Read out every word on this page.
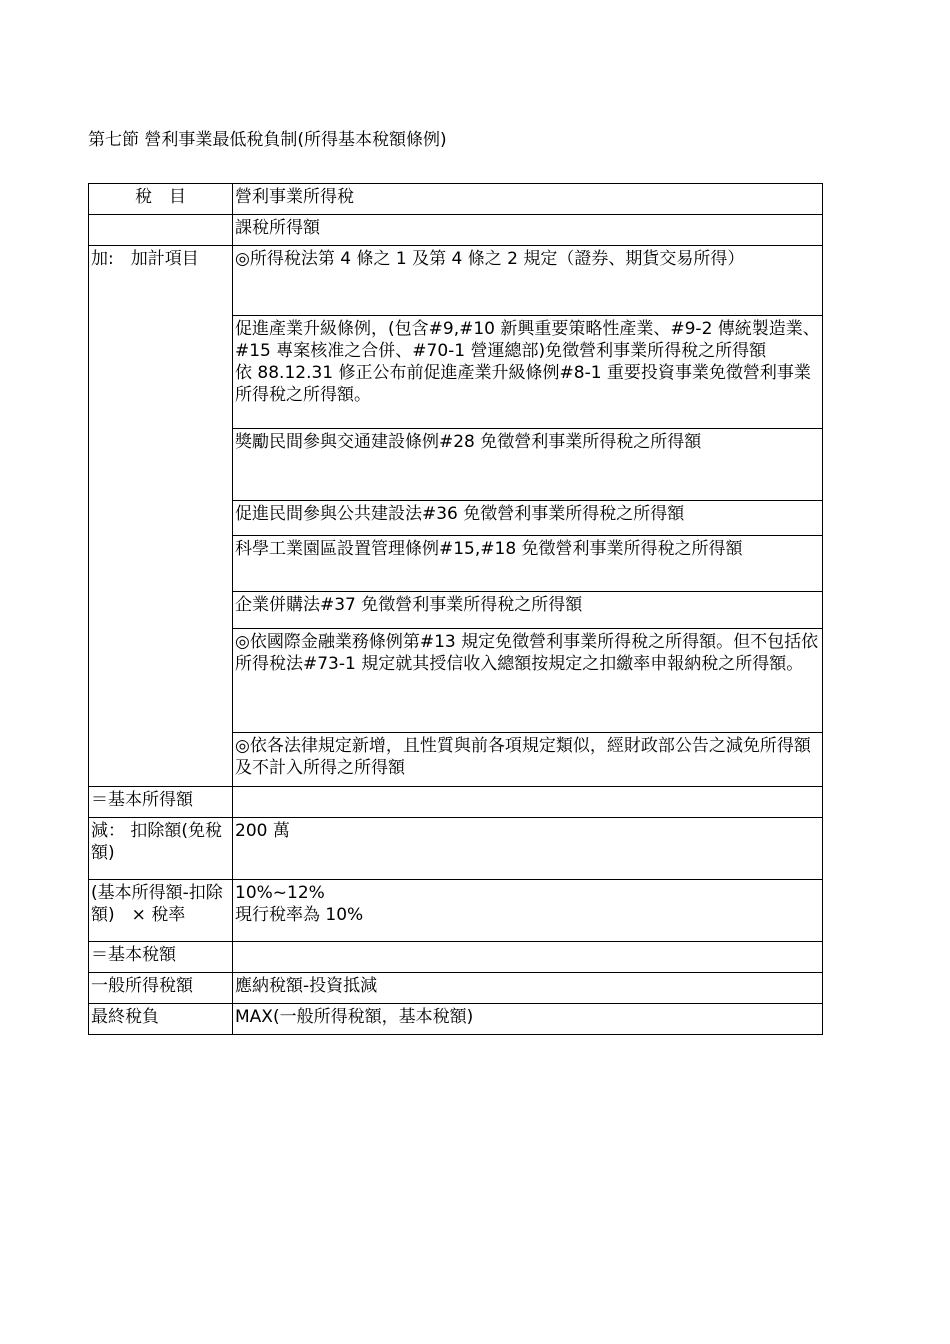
第七節 營利事業最低稅負制(所得基本稅額條例)
稅　目	營利事業所得稅
	課稅所得額
加:　加計項目	◎所得稅法第 4 條之 1 及第 4 條之 2 規定（證券、期貨交易所得）

	促進產業升級條例，(包含#9,#10 新興重要策略性產業、#9-2 傳統製造業、#15 專案核准之合併、#70-1 營運總部)免徵營利事業所得稅之所得額
依 88.12.31 修正公布前促進產業升級條例#8-1 重要投資事業免徵營利事業所得稅之所得額。

	獎勵民間參與交通建設條例#28 免徵營利事業所得稅之所得額
	促進民間參與公共建設法#36 免徵營利事業所得稅之所得額
	科學工業園區設置管理條例#15,#18 免徵營利事業所得稅之所得額
	企業併購法#37 免徵營利事業所得稅之所得額
	◎依國際金融業務條例第#13 規定免徵營利事業所得稅之所得額。但不包括依所得稅法#73-1 規定就其授信收入總額按規定之扣繳率申報納稅之所得額。
	◎依各法律規定新增，且性質與前各項規定類似，經財政部公告之減免所得額及不計入所得之所得額
＝基本所得額	
減： 扣除額(免稅額)	200 萬
(基本所得額-扣除額)　× 稅率	10%~12%
現行稅率為 10%

＝基本稅額	
一般所得稅額	應納稅額-投資抵減
最終稅負	MAX(一般所得稅額，基本稅額)
